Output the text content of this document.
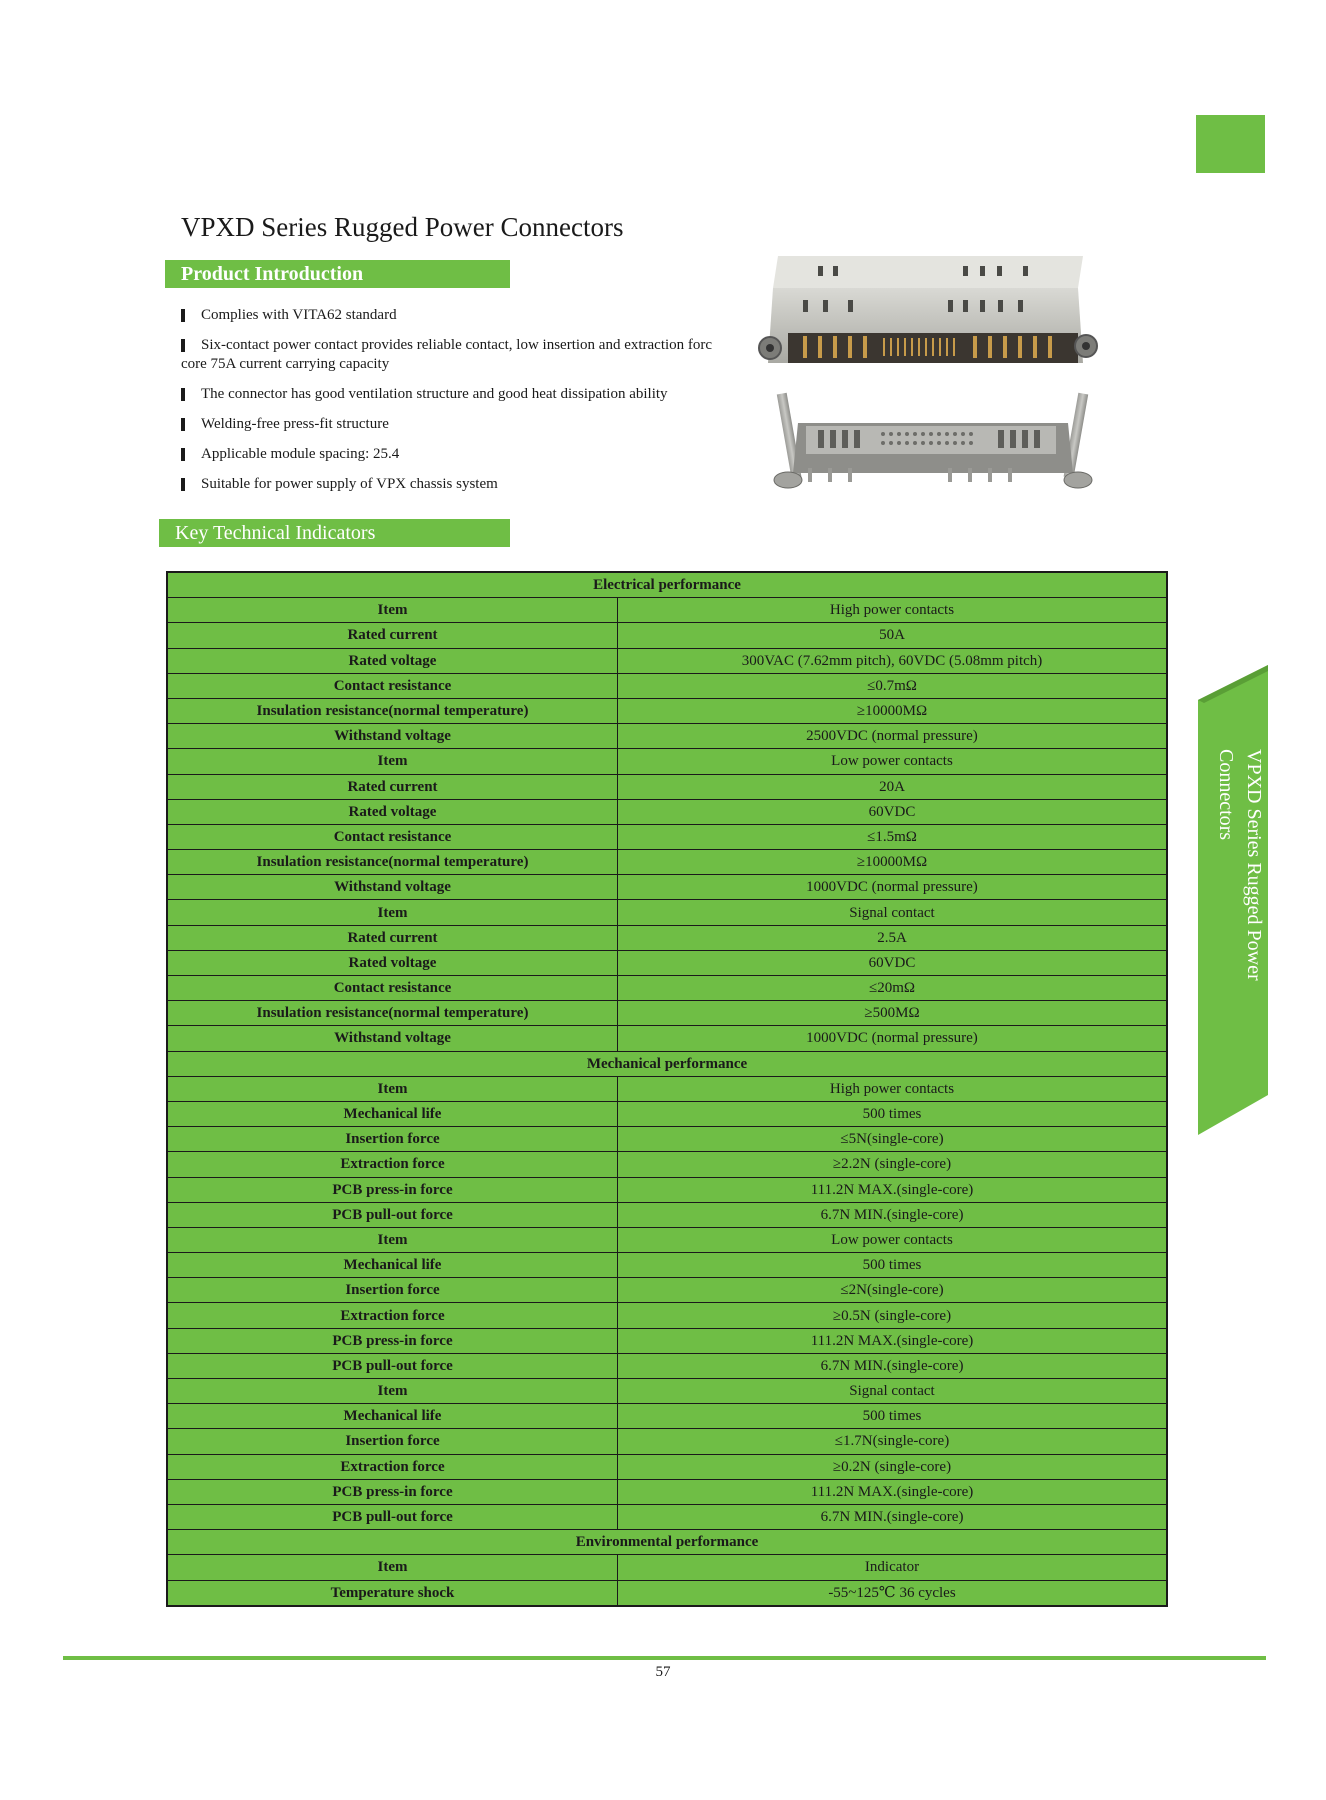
VPXD Series Rugged Power Connectors
Product Introduction
Complies with VITA62 standard
Six-contact power contact provides reliable contact, low insertion and extraction forc
core 75A current carrying capacity
The connector has good ventilation structure and good heat dissipation ability
Welding-free press-fit structure
Applicable module spacing: 25.4
Suitable for power supply of VPX chassis system
Key Technical Indicators
VPXD Series Rugged Power Connectors
Electrical performance	
Item	High power contacts
Rated current	50A
Rated voltage	300VAC (7.62mm pitch), 60VDC (5.08mm pitch)
Contact resistance	≤0.7mΩ
Insulation resistance(normal temperature)	≥10000MΩ
Withstand voltage	2500VDC (normal pressure)
Item	Low power contacts
Rated current	20A
Rated voltage	60VDC
Contact resistance	≤1.5mΩ
Insulation resistance(normal temperature)	≥10000MΩ
Withstand voltage	1000VDC (normal pressure)
Item	Signal contact
Rated current	2.5A
Rated voltage	60VDC
Contact resistance	≤20mΩ
Insulation resistance(normal temperature)	≥500MΩ
Withstand voltage	1000VDC (normal pressure)
Mechanical performance	
Item	High power contacts
Mechanical life	500 times
Insertion force	≤5N(single-core)
Extraction force	≥2.2N (single-core)
PCB press-in force	111.2N MAX.(single-core)
PCB pull-out force	6.7N MIN.(single-core)
Item	Low power contacts
Mechanical life	500 times
Insertion force	≤2N(single-core)
Extraction force	≥0.5N (single-core)
PCB press-in force	111.2N MAX.(single-core)
PCB pull-out force	6.7N MIN.(single-core)
Item	Signal contact
Mechanical life	500 times
Insertion force	≤1.7N(single-core)
Extraction force	≥0.2N (single-core)
PCB press-in force	111.2N MAX.(single-core)
PCB pull-out force	6.7N MIN.(single-core)
Environmental performance	
Item	Indicator
Temperature shock	-55~125℃ 36 cycles
57
